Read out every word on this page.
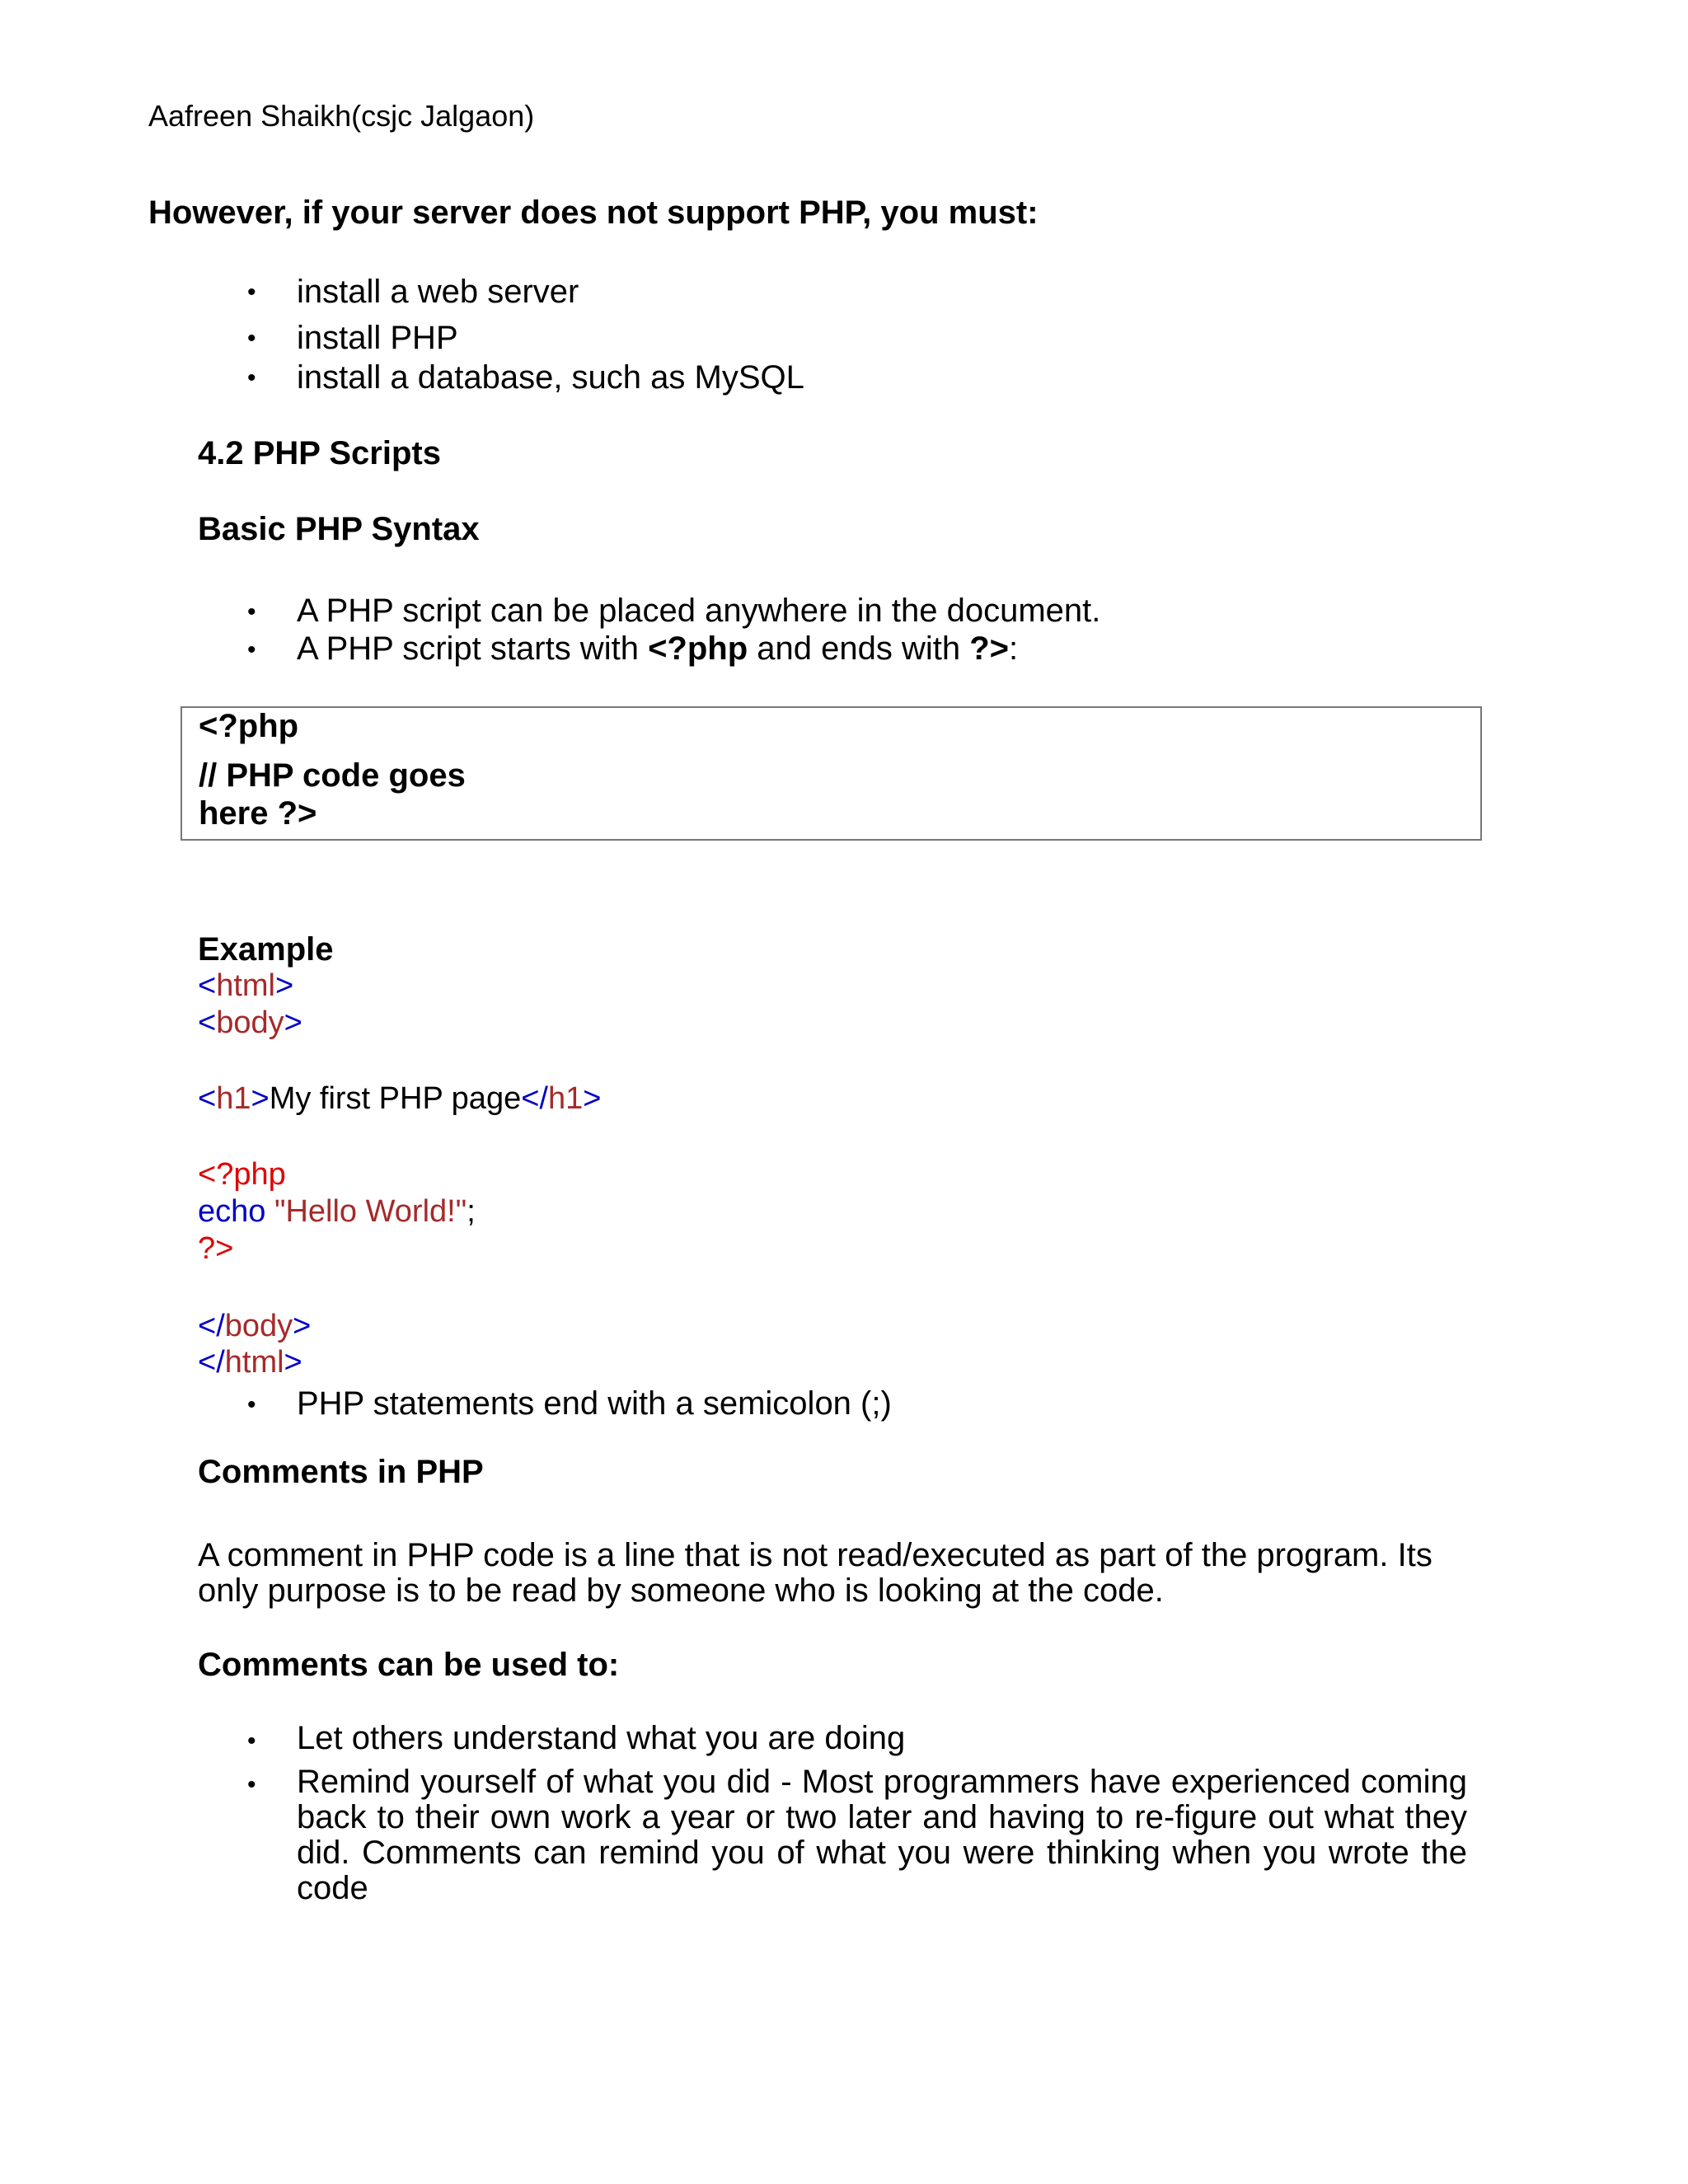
Aafreen Shaikh(csjc Jalgaon)
However, if your server does not support PHP, you must:
• install a web server
• install PHP
• install a database, such as MySQL
4.2 PHP Scripts
Basic PHP Syntax
• A PHP script can be placed anywhere in the document.
• A PHP script starts with <?php and ends with ?>:
<?php
// PHP code goes
here ?>
Example
<html>
<body>
<h1>My first PHP page</h1>
<?php
echo "Hello World!";
?>
</body>
</html>
• PHP statements end with a semicolon (;)
Comments in PHP
A comment in PHP code is a line that is not read/executed as part of the program. Its only purpose is to be read by someone who is looking at the code.
Comments can be used to:
• Let others understand what you are doing
• Remind yourself of what you did - Most programmers have experienced coming back to their own work a year or two later and having to re-figure out what they did. Comments can remind you of what you were thinking when you wrote the code
